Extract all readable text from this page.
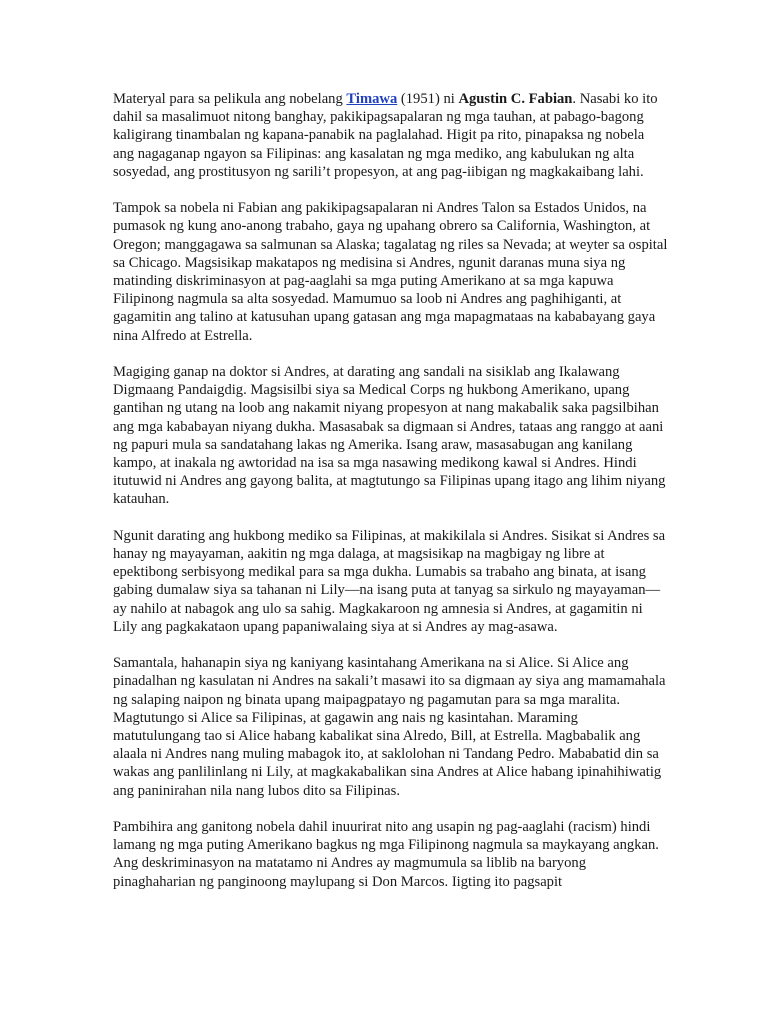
Materyal para sa pelikula ang nobelang Timawa (1951) ni Agustin C. Fabian. Nasabi ko ito dahil sa masalimuot nitong banghay, pakikipagsapalaran ng mga tauhan, at pabago-bagong kaligirang tinambalan ng kapana-panabik na paglalahad. Higit pa rito, pinapaksa ng nobela ang nagaganap ngayon sa Filipinas: ang kasalatan ng mga mediko, ang kabulukan ng alta sosyedad, ang prostitusyon ng sarili’t propesyon, at ang pag-iibigan ng magkakaibang lahi.

Tampok sa nobela ni Fabian ang pakikipagsapalaran ni Andres Talon sa Estados Unidos, na pumasok ng kung ano-anong trabaho, gaya ng upahang obrero sa California, Washington, at Oregon; manggagawa sa salmunan sa Alaska; tagalatag ng riles sa Nevada; at weyter sa ospital sa Chicago. Magsisikap makatapos ng medisina si Andres, ngunit daranas muna siya ng matinding diskriminasyon at pag-aaglahi sa mga puting Amerikano at sa mga kapuwa Filipinong nagmula sa alta sosyedad. Mamumuo sa loob ni Andres ang paghihiganti, at gagamitin ang talino at katusuhan upang gatasan ang mga mapagmataas na kababayang gaya nina Alfredo at Estrella.

Magiging ganap na doktor si Andres, at darating ang sandali na sisiklab ang Ikalawang Digmaang Pandaigdig. Magsisilbi siya sa Medical Corps ng hukbong Amerikano, upang gantihan ng utang na loob ang nakamit niyang propesyon at nang makabalik saka pagsilbihan ang mga kababayan niyang dukha. Masasabak sa digmaan si Andres, tataas ang ranggo at aani ng papuri mula sa sandatahang lakas ng Amerika. Isang araw, masasabugan ang kanilang kampo, at inakala ng awtoridad na isa sa mga nasawing medikong kawal si Andres. Hindi itutuwid ni Andres ang gayong balita, at magtutungo sa Filipinas upang itago ang lihim niyang katauhan.

Ngunit darating ang hukbong mediko sa Filipinas, at makikilala si Andres. Sisikat si Andres sa hanay ng mayayaman, aakitin ng mga dalaga, at magsisikap na magbigay ng libre at epektibong serbisyong medikal para sa mga dukha. Lumabis sa trabaho ang binata, at isang gabing dumalaw siya sa tahanan ni Lily—na isang puta at tanyag sa sirkulo ng mayayaman—ay nahilo at nabagok ang ulo sa sahig. Magkakaroon ng amnesia si Andres, at gagamitin ni Lily ang pagkakataon upang papaniwalaing siya at si Andres ay mag-asawa.

Samantala, hahanapin siya ng kaniyang kasintahang Amerikana na si Alice. Si Alice ang pinadalhan ng kasulatan ni Andres na sakali’t masawi ito sa digmaan ay siya ang mamamahala ng salaping naipon ng binata upang maipagpatayo ng pagamutan para sa mga maralita. Magtutungo si Alice sa Filipinas, at gagawin ang nais ng kasintahan. Maraming matutulungang tao si Alice habang kabalikat sina Alredo, Bill, at Estrella. Magbabalik ang alaala ni Andres nang muling mabagok ito, at saklolohan ni Tandang Pedro. Mababatid din sa wakas ang panlilinlang ni Lily, at magkakabalikan sina Andres at Alice habang ipinahihiwatig ang paninirahan nila nang lubos dito sa Filipinas.

Pambihira ang ganitong nobela dahil inuurirat nito ang usapin ng pag-aaglahi (racism) hindi lamang ng mga puting Amerikano bagkus ng mga Filipinong nagmula sa maykayang angkan. Ang deskriminasyon na matatamo ni Andres ay magmumula sa liblib na baryong pinaghaharian ng panginoong maylupang si Don Marcos. Iigting ito pagsapit
